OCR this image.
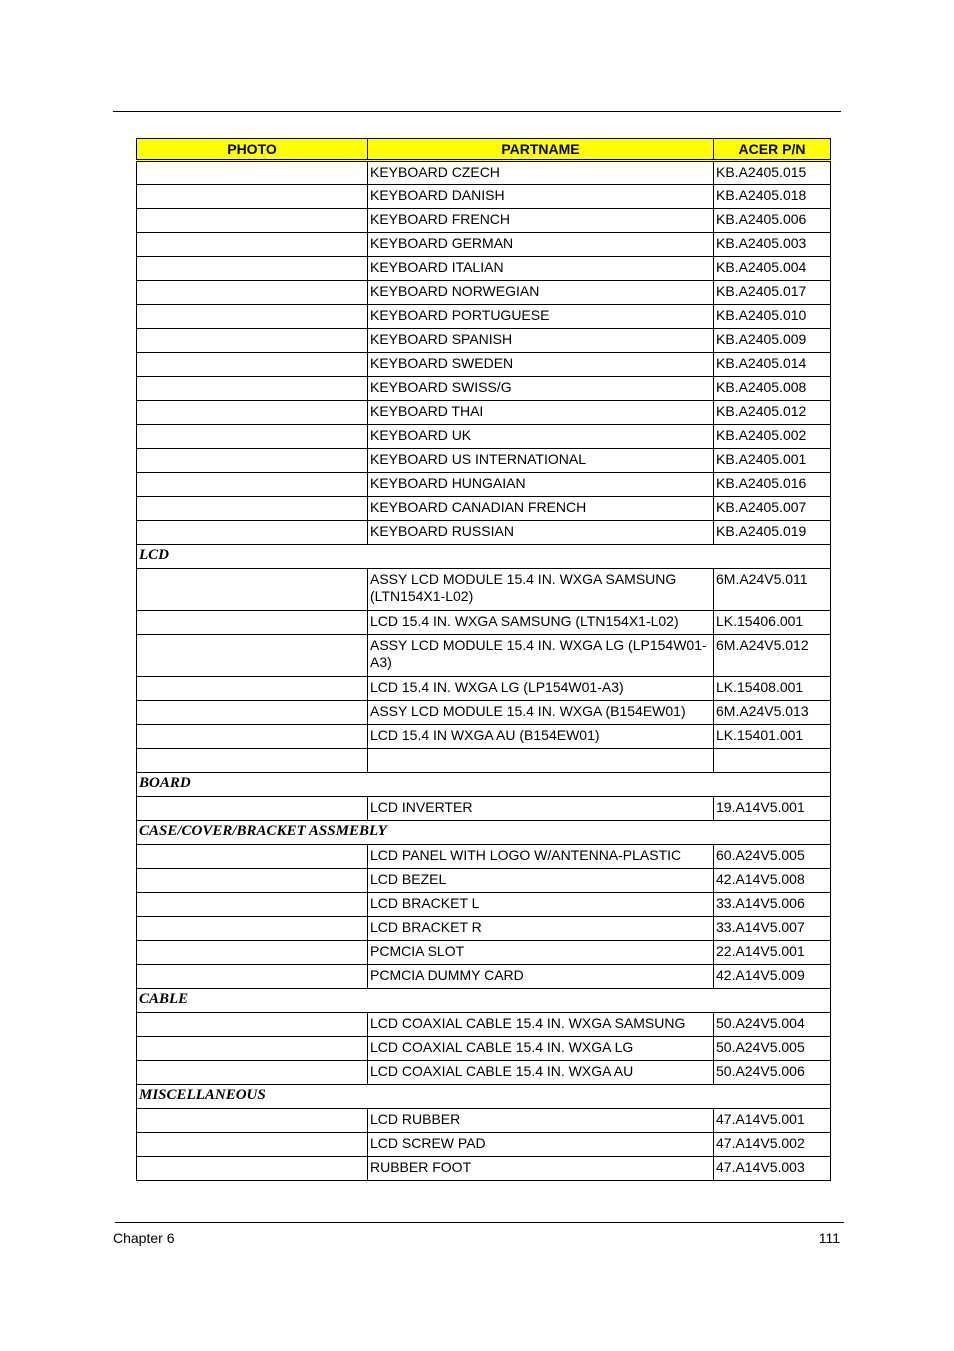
PHOTO	PARTNAME	ACER P/N
	KEYBOARD CZECH	KB.A2405.015
	KEYBOARD DANISH	KB.A2405.018
	KEYBOARD FRENCH	KB.A2405.006
	KEYBOARD GERMAN	KB.A2405.003
	KEYBOARD ITALIAN	KB.A2405.004
	KEYBOARD NORWEGIAN	KB.A2405.017
	KEYBOARD PORTUGUESE	KB.A2405.010
	KEYBOARD SPANISH	KB.A2405.009
	KEYBOARD SWEDEN	KB.A2405.014
	KEYBOARD SWISS/G	KB.A2405.008
	KEYBOARD THAI	KB.A2405.012
	KEYBOARD UK	KB.A2405.002
	KEYBOARD US INTERNATIONAL	KB.A2405.001
	KEYBOARD HUNGAIAN	KB.A2405.016
	KEYBOARD CANADIAN FRENCH	KB.A2405.007
	KEYBOARD RUSSIAN	KB.A2405.019
LCD		
	ASSY LCD MODULE 15.4 IN. WXGA SAMSUNG (LTN154X1-L02)	6M.A24V5.011
	LCD 15.4 IN. WXGA SAMSUNG (LTN154X1-L02)	LK.15406.001
	ASSY LCD MODULE 15.4 IN. WXGA LG (LP154W01-A3)	6M.A24V5.012
	LCD 15.4 IN. WXGA LG (LP154W01-A3)	LK.15408.001
	ASSY LCD MODULE 15.4 IN. WXGA (B154EW01)	6M.A24V5.013
	LCD 15.4 IN WXGA AU (B154EW01)	LK.15401.001

BOARD		
	LCD INVERTER	19.A14V5.001
CASE/COVER/BRACKET ASSMEBLY		
	LCD PANEL WITH LOGO W/ANTENNA-PLASTIC	60.A24V5.005
	LCD BEZEL	42.A14V5.008
	LCD BRACKET L	33.A14V5.006
	LCD BRACKET R	33.A14V5.007
	PCMCIA SLOT	22.A14V5.001
	PCMCIA DUMMY CARD	42.A14V5.009
CABLE		
	LCD COAXIAL CABLE 15.4 IN. WXGA SAMSUNG	50.A24V5.004
	LCD COAXIAL CABLE 15.4 IN. WXGA LG	50.A24V5.005
	LCD COAXIAL CABLE 15.4 IN. WXGA AU	50.A24V5.006
MISCELLANEOUS		
	LCD RUBBER	47.A14V5.001
	LCD SCREW PAD	47.A14V5.002
	RUBBER FOOT	47.A14V5.003
Chapter 6	111
